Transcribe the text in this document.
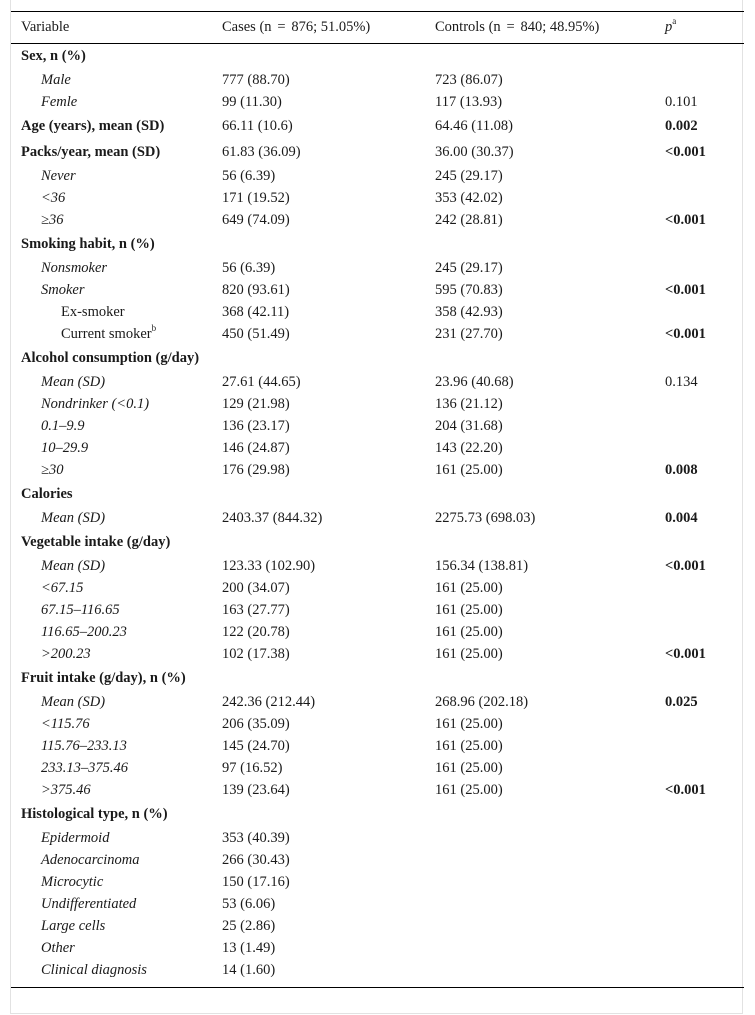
Variable	Cases (n  =  876; 51.05%)	Controls (n  =  840; 48.95%)	$p^a$
Sex, n (%)			
Male	777 (88.70)	723 (86.07)	
Femle	99 (11.30)	117 (13.93)	0.101
Age (years), mean (SD)	66.11 (10.6)	64.46 (11.08)	0.002
Packs/year, mean (SD)	61.83 (36.09)	36.00 (30.37)	<0.001
Never	56 (6.39)	245 (29.17)	
<36	171 (19.52)	353 (42.02)	
≥36	649 (74.09)	242 (28.81)	<0.001
Smoking habit, n (%)			
Nonsmoker	56 (6.39)	245 (29.17)	
Smoker	820 (93.61)	595 (70.83)	<0.001
Ex-smoker	368 (42.11)	358 (42.93)	
Current smoker$^b$	450 (51.49)	231 (27.70)	<0.001
Alcohol consumption (g/day)			
Mean (SD)	27.61 (44.65)	23.96 (40.68)	0.134
Nondrinker (<0.1)	129 (21.98)	136 (21.12)	
0.1–9.9	136 (23.17)	204 (31.68)	
10–29.9	146 (24.87)	143 (22.20)	
≥30	176 (29.98)	161 (25.00)	0.008
Calories			
Mean (SD)	2403.37 (844.32)	2275.73 (698.03)	0.004
Vegetable intake (g/day)			
Mean (SD)	123.33 (102.90)	156.34 (138.81)	<0.001
<67.15	200 (34.07)	161 (25.00)	
67.15–116.65	163 (27.77)	161 (25.00)	
116.65–200.23	122 (20.78)	161 (25.00)	
>200.23	102 (17.38)	161 (25.00)	<0.001
Fruit intake (g/day), n (%)			
Mean (SD)	242.36 (212.44)	268.96 (202.18)	0.025
<115.76	206 (35.09)	161 (25.00)	
115.76–233.13	145 (24.70)	161 (25.00)	
233.13–375.46	97 (16.52)	161 (25.00)	
>375.46	139 (23.64)	161 (25.00)	<0.001
Histological type, n (%)			
Epidermoid	353 (40.39)		
Adenocarcinoma	266 (30.43)		
Microcytic	150 (17.16)		
Undifferentiated	53 (6.06)		
Large cells	25 (2.86)		
Other	13 (1.49)		
Clinical diagnosis	14 (1.60)		
